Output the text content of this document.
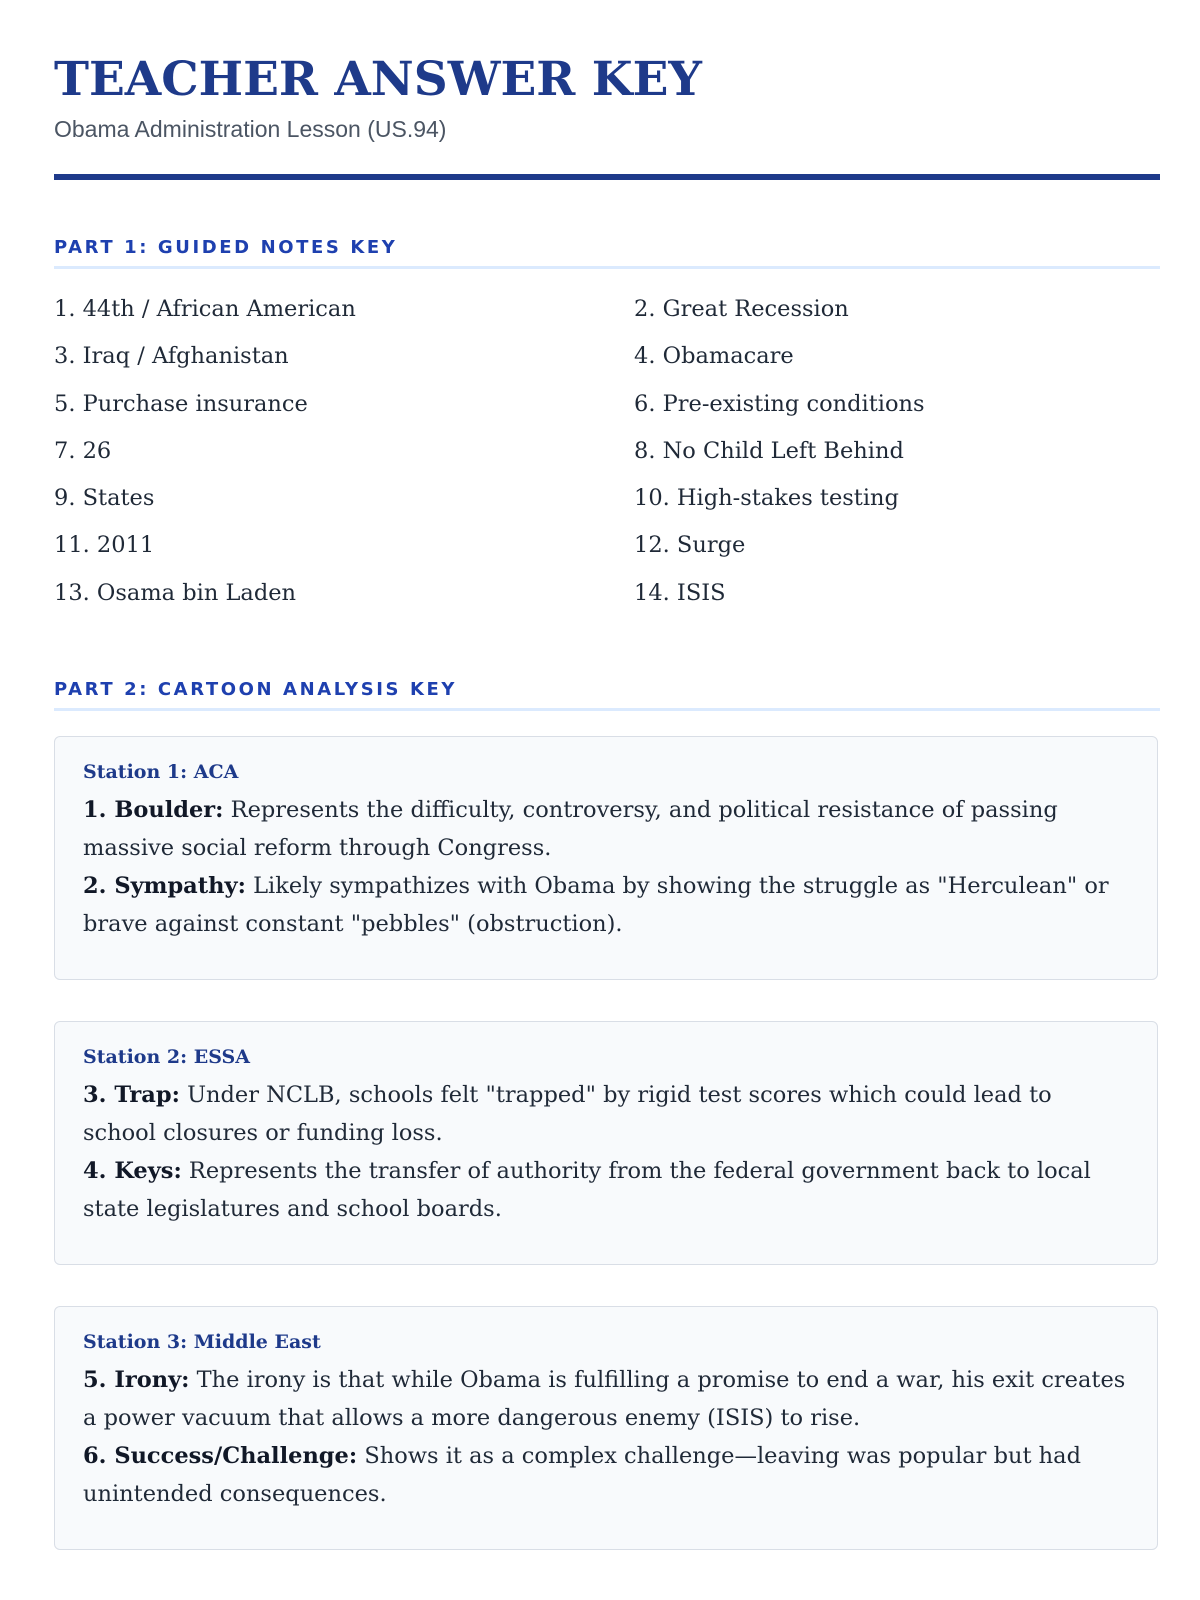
TEACHER ANSWER KEY
Obama Administration Lesson (US.94)
PART 1: GUIDED NOTES KEY
1. 44th / African American	2. Great Recession
3. Iraq / Afghanistan	4. Obamacare
5. Purchase insurance	6. Pre-existing conditions
7. 26	8. No Child Left Behind
9. States	10. High-stakes testing
11. 2011	12. Surge
13. Osama bin Laden	14. ISIS
PART 2: CARTOON ANALYSIS KEY
Station 1: ACA
1. Boulder: Represents the difficulty, controversy, and political resistance of passing massive social reform through Congress.
2. Sympathy: Likely sympathizes with Obama by showing the struggle as "Herculean" or brave against constant "pebbles" (obstruction).
Station 2: ESSA
3. Trap: Under NCLB, schools felt "trapped" by rigid test scores which could lead to school closures or funding loss.
4. Keys: Represents the transfer of authority from the federal government back to local state legislatures and school boards.
Station 3: Middle East
5. Irony: The irony is that while Obama is fulfilling a promise to end a war, his exit creates a power vacuum that allows a more dangerous enemy (ISIS) to rise.
6. Success/Challenge: Shows it as a complex challenge—leaving was popular but had unintended consequences.
